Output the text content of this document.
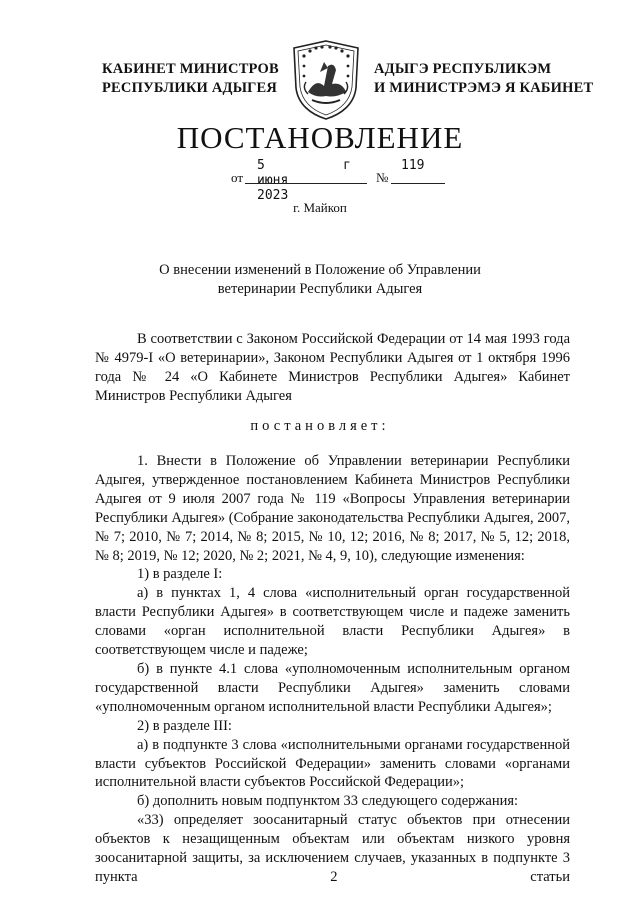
КАБИНЕТ МИНИСТРОВ
РЕСПУБЛИКИ АДЫГЕЯ
АДЫГЭ РЕСПУБЛИКЭМ
И МИНИСТРЭМЭ Я КАБИНЕТ
ПОСТАНОВЛЕНИЕ
от
5 июня 2023
г
№
119
г. Майкоп
О внесении изменений в Положение об Управлении
ветеринарии Республики Адыгея

В соответствии с Законом Российской Федерации от 14 мая 1993 года № 4979-I «О ветеринарии», Законом Республики Адыгея от 1 октября 1996 года № 24 «О Кабинете Министров Республики Адыгея» Кабинет Министров Республики Адыгея

постановляет:

1. Внести в Положение об Управлении ветеринарии Республики Адыгея, утвержденное постановлением Кабинета Министров Республики Адыгея от 9 июля 2007 года № 119 «Вопросы Управления ветеринарии Республики Адыгея» (Собрание законодательства Республики Адыгея, 2007, № 7; 2010, № 7; 2014, № 8; 2015, № 10, 12; 2016, № 8; 2017, № 5, 12; 2018, № 8; 2019, № 12; 2020, № 2; 2021, № 4, 9, 10), следующие изменения:

1) в разделе I:

а) в пунктах 1, 4 слова «исполнительный орган государственной власти Республики Адыгея» в соответствующем числе и падеже заменить словами «орган исполнительной власти Республики Адыгея» в соответствующем числе и падеже;

б) в пункте 4.1 слова «уполномоченным исполнительным органом государственной власти Республики Адыгея» заменить словами «уполномоченным органом исполнительной власти Республики Адыгея»;

2) в разделе III:

а) в подпункте 3 слова «исполнительными органами государственной власти субъектов Российской Федерации» заменить словами «органами исполнительной власти субъектов Российской Федерации»;

б) дополнить новым подпунктом 33 следующего содержания:

«33) определяет зоосанитарный статус объектов при отнесении объектов к незащищенным объектам или объектам низкого уровня зоосанитарной защиты, за исключением случаев, указанных в подпункте 3 пункта 2 статьи
